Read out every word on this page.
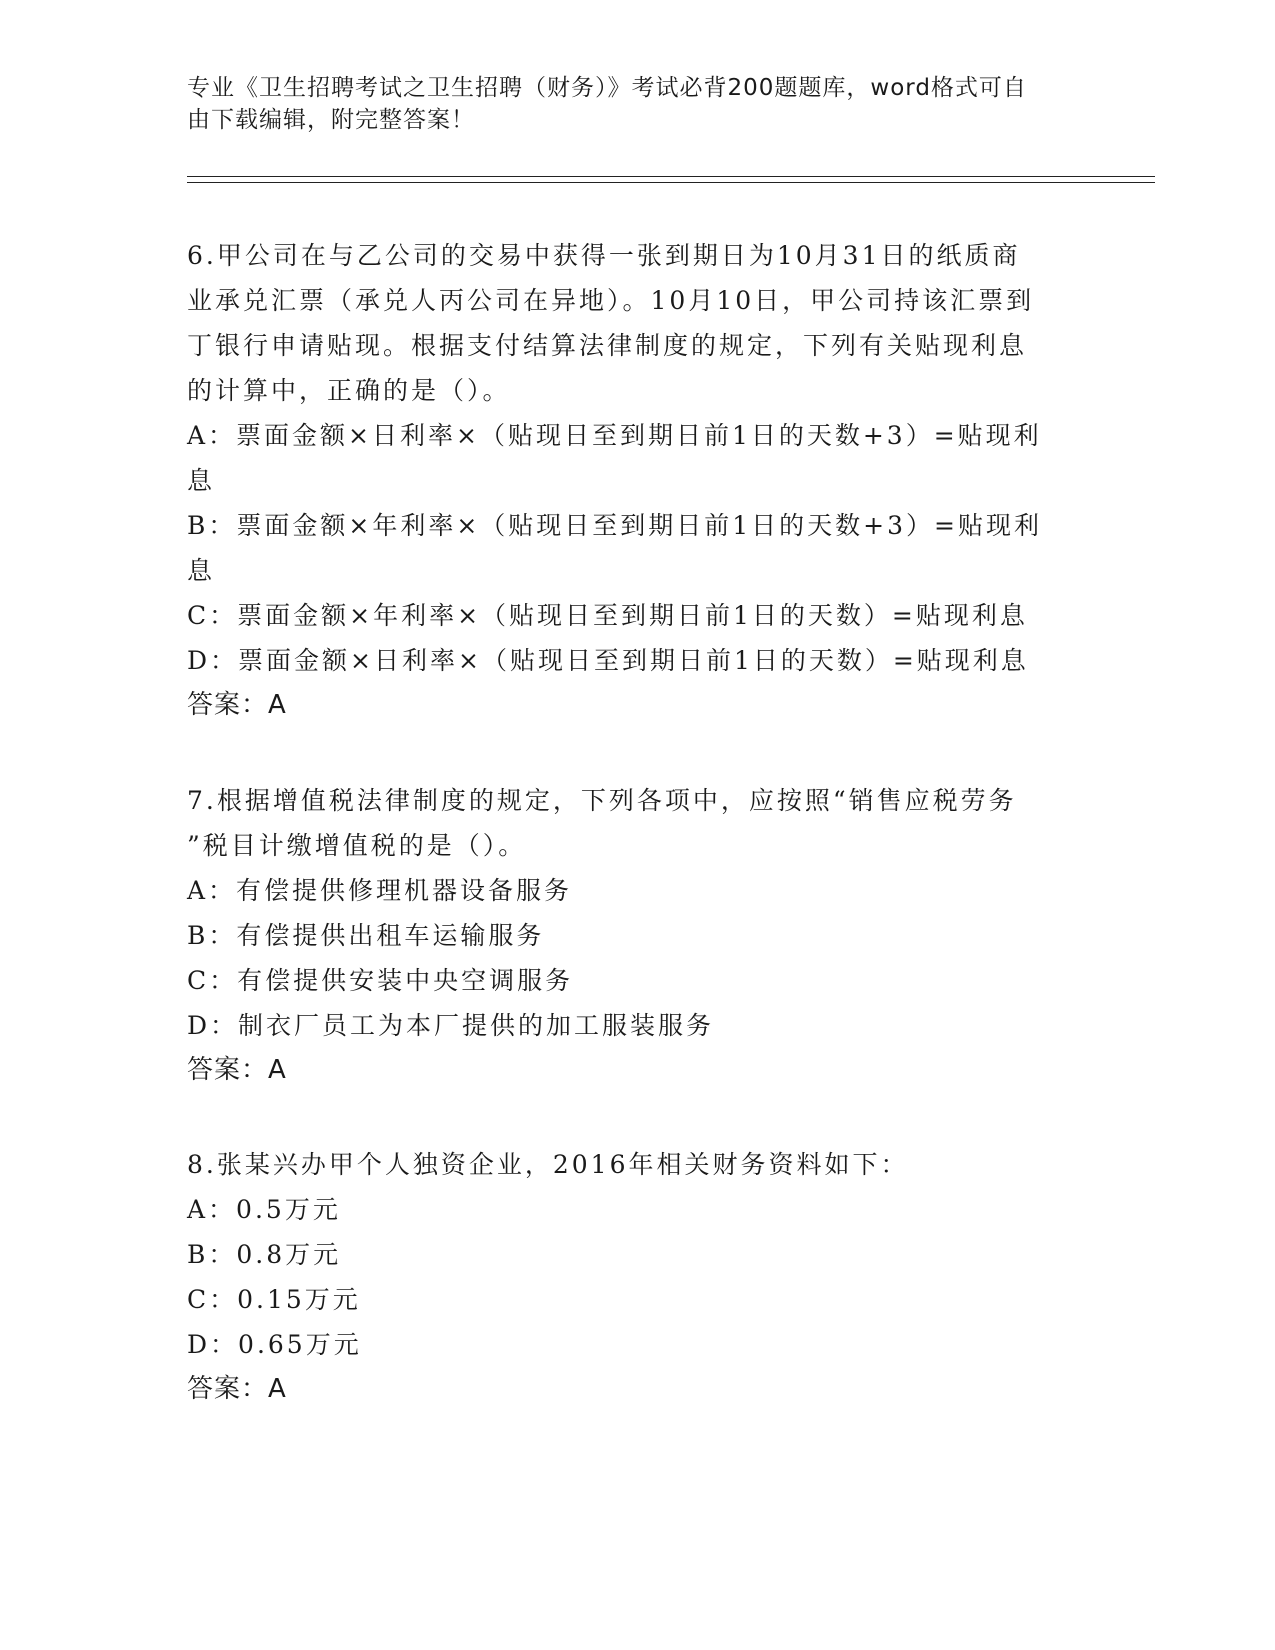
专业《卫生招聘考试之卫生招聘（财务）》考试必背200题题库，word格式可自
由下载编辑，附完整答案！
6.甲公司在与乙公司的交易中获得一张到期日为10月31日的纸质商
业承兑汇票（承兑人丙公司在异地）。10月10日，甲公司持该汇票到
丁银行申请贴现。根据支付结算法律制度的规定，下列有关贴现利息
的计算中，正确的是（）。
A：票面金额×日利率×（贴现日至到期日前1日的天数+3）=贴现利
息
B：票面金额×年利率×（贴现日至到期日前1日的天数+3）=贴现利
息
C：票面金额×年利率×（贴现日至到期日前1日的天数）=贴现利息
D：票面金额×日利率×（贴现日至到期日前1日的天数）=贴现利息
答案：A
7.根据增值税法律制度的规定，下列各项中，应按照“销售应税劳务
”税目计缴增值税的是（）。
A：有偿提供修理机器设备服务
B：有偿提供出租车运输服务
C：有偿提供安装中央空调服务
D：制衣厂员工为本厂提供的加工服装服务
答案：A
8.张某兴办甲个人独资企业，2016年相关财务资料如下：
A：0.5万元
B：0.8万元
C：0.15万元
D：0.65万元
答案：A
